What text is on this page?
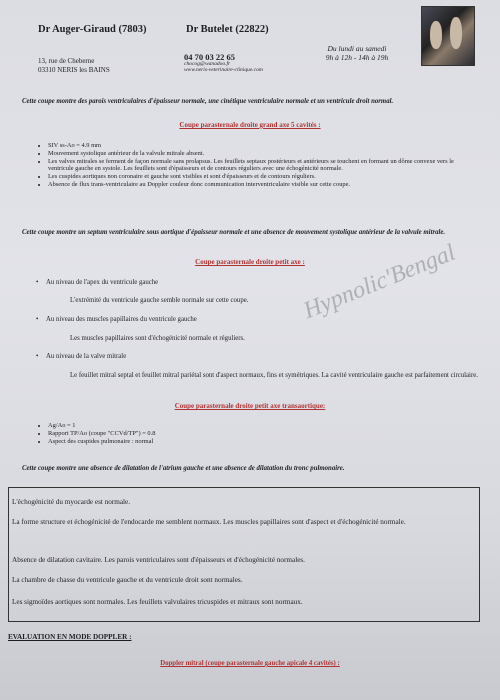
Dr Auger-Giraud (7803)	Dr Butelet (22822)
13, rue de Cheberne
03310 NERIS les BAINS
04 70 03 22 65
chocog@wanadoo.fr
www.neris-veterinaire-clinique.com
Du lundi au samedi
9h à 12h - 14h à 19h
Cette coupe montre des parois ventriculaires d'épaisseur normale, une cinétique ventriculaire normale et un ventricule droit normal.
Coupe parasternale droite grand axe 5 cavités :
• SIV ss-Ao = 4.9 mm
• Mouvement systolique antérieur de la valvule mitrale absent.
• Les valves mitrales se ferment de façon normale sans prolapsus. Les feuillets septaux postérieurs et antérieurs se touchent en formant un dôme convexe vers le ventricule gauche en systole. Les feuillets sont d'épaisseurs et de contours réguliers avec une échogénicité normale.
• Les cuspides aortiques non coronaire et gauche sont visibles et sont d'épaisseurs et de contours réguliers.
• Absence de flux trans-ventriculaire au Doppler couleur donc communication interventriculaire visible sur cette coupe.
Cette coupe montre un septum ventriculaire sous aortique d'épaisseur normale et une absence de mouvement systolique antérieur de la valvule mitrale.
Coupe parasternale droite petit axe :
• Au niveau de l'apex du ventricule gauche
L'extrémité du ventricule gauche semble normale sur cette coupe.
• Au niveau des muscles papillaires du ventricule gauche
Les muscles papillaires sont d'échogénicité normale et réguliers.
• Au niveau de la valve mitrale
Le feuillet mitral septal et feuillet mitral pariétal sont d'aspect normaux, fins et symétriques. La cavité ventriculaire gauche est parfaitement circulaire.
Coupe parasternale droite petit axe transaortique:
• Ag/Ao = 1
• Rapport TP/Ao (coupe "CCVd/TP") = 0.8
• Aspect des cuspides pulmonaire : normal
Cette coupe montre une absence de dilatation de l'atrium gauche et une absence de dilatation du tronc pulmonaire.

L'échogénicité du myocarde est normale.

La forme structure et échogénicité de l'endocarde me semblent normaux. Les muscles papillaires sont d'aspect et d'échogénicité normale.

Absence de dilatation cavitaire. Les parois ventriculaires sont d'épaisseurs et d'échogénicité normales.

La chambre de chasse du ventricule gauche et du ventricule droit sont normales.

Les sigmoïdes aortiques sont normales. Les feuillets valvulaires tricuspides et mitraux sont normaux.

EVALUATION EN MODE DOPPLER :
Doppler mitral (coupe parasternale gauche apicale 4 cavités) :
Hypnolic'Bengal
